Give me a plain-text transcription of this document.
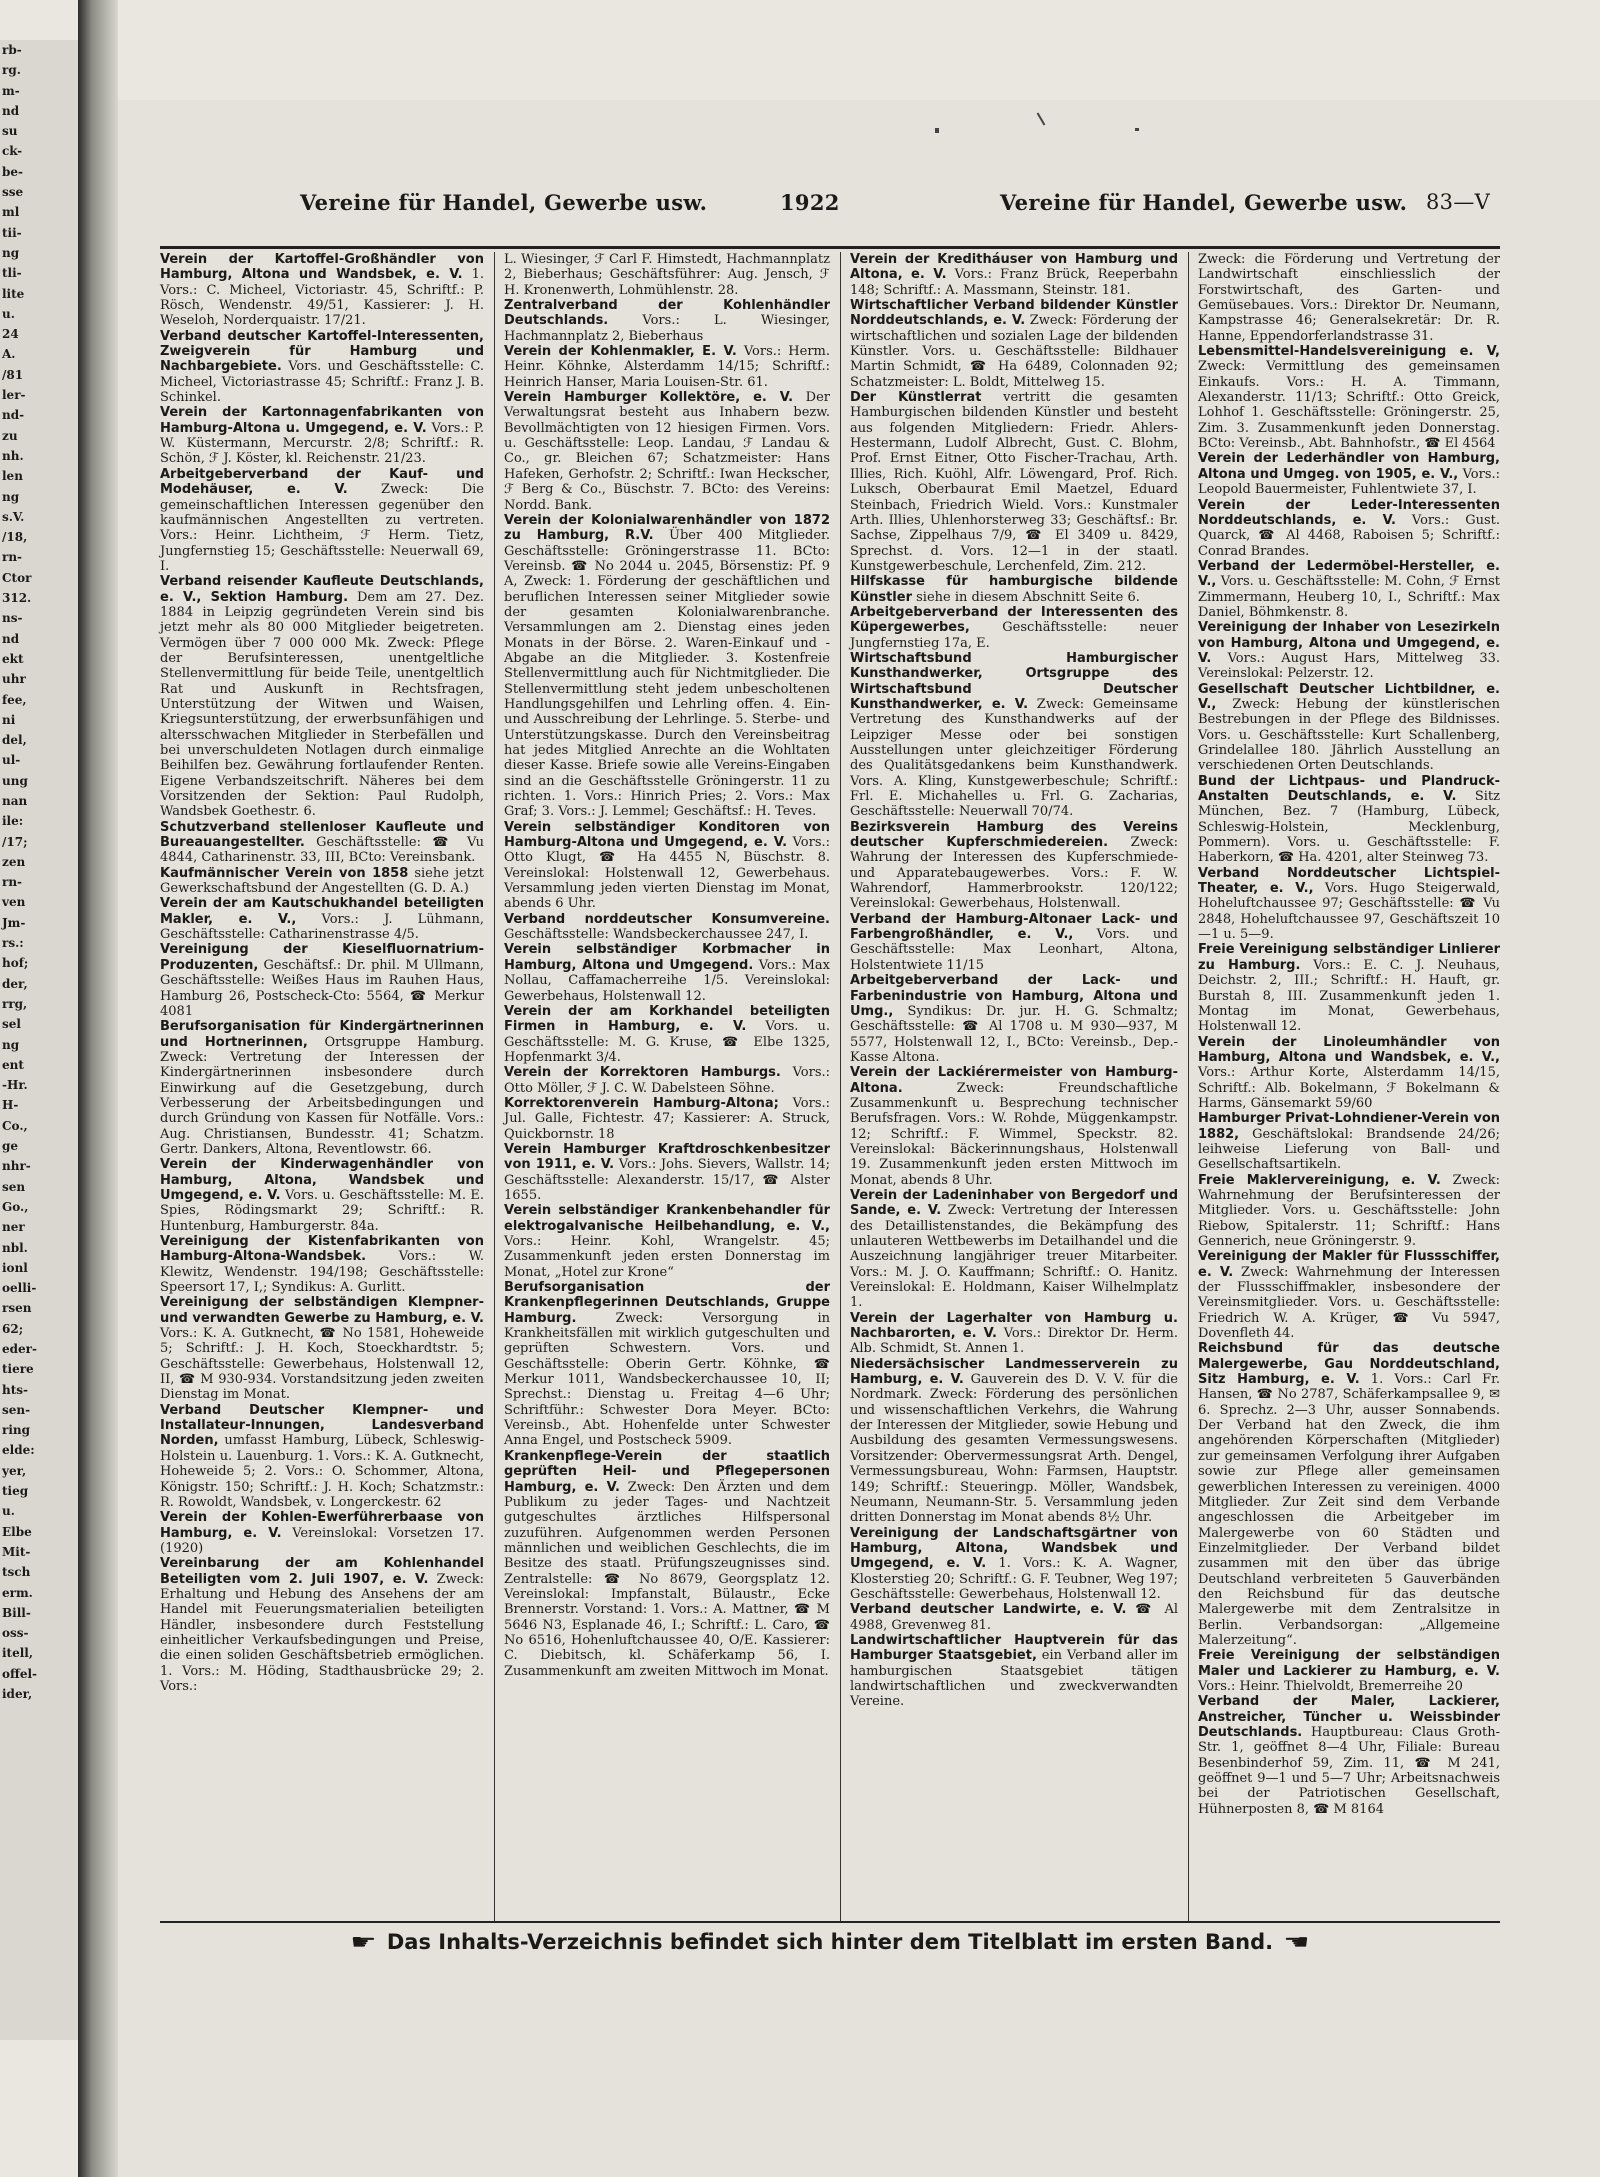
rb-
rg.
m-
nd
su
ck-
be-
sse
ml
tii-
ng
tli-
lite
u.
24
A.
/81
ler-
nd-
zu
nh.
len
ng
s.V.
/18,
rn-
Ctor
312.
ns-
nd
ekt
uhr
fee,
ni
del,
ul-
ung
nan
ile:
/17;
zen
rn-
ven
Jm-
rs.:
hof;
der,
rrg,
sel
ng
ent
-Hr.
H-
Co.,
ge
nhr-
sen
Go.,
ner
nbl.
ionl
oelli-
rsen
62;
eder-
tiere
hts-
sen-
ring
elde:
yer,
tieg
u.
Elbe
Mit-
tsch
erm.
Bill-
oss-
itell,
offel-
ider,
Vereine für Handel, Gewerbe usw.	1922	Vereine für Handel, Gewerbe usw. 83—V

Verein der Kartoffel-Großhändler von Hamburg, Altona und Wandsbek, e. V. 1. Vors.: C. Micheel, Victoriastr. 45, Schriftf.: P. Rösch, Wendenstr. 49/51, Kassierer: J. H. Weseloh, Norderquaistr. 17/21.

Verband deutscher Kartoffel-Interessenten, Zweigverein für Hamburg und Nachbargebiete. Vors. und Geschäftsstelle: C. Micheel, Victoriastrasse 45; Schriftf.: Franz J. B. Schinkel.

Verein der Kartonnagenfabrikanten von Hamburg-Altona u. Umgegend, e. V. Vors.: P. W. Küstermann, Mercurstr. 2/8; Schriftf.: R. Schön, ℱ J. Köster, kl. Reichenstr. 21/23.

Arbeitgeberverband der Kauf- und Modehäuser, e. V.	Zweck: Die gemeinschaftlichen Interessen gegenüber den kaufmännischen Angestellten zu vertreten. Vors.: Heinr. Lichtheim, ℱ Herm. Tietz, Jungfernstieg 15; Geschäftsstelle: Neuerwall 69, I.

Verband reisender Kaufleute Deutschlands, e. V., Sektion Hamburg. Dem am 27. Dez. 1884 in Leipzig gegründeten Verein sind bis jetzt mehr als 80 000 Mitglieder beigetreten. Vermögen über 7 000 000 Mk. Zweck: Pflege der Berufsinteressen, unentgeltliche Stellenvermittlung für beide Teile, unentgeltlich Rat und Auskunft in Rechtsfragen, Unterstützung der Witwen und Waisen, Kriegsunterstützung, der erwerbsunfähigen und altersschwachen Mitglieder in Sterbefällen und bei unverschuldeten Notlagen durch einmalige Beihilfen bez. Gewährung fortlaufender Renten. Eigene Verbandszeitschrift. Näheres bei dem Vorsitzenden der Sektion: Paul Rudolph, Wandsbek Goethestr. 6.

Schutzverband stellenloser Kaufleute und Bureauangestellter. Geschäftsstelle: ☎ Vu 4844, Catharinenstr. 33, III, BCto: Vereinsbank.

Kaufmännischer Verein von 1858 siehe jetzt Gewerkschaftsbund der Angestellten (G. D. A.)

Verein der am Kautschukhandel beteiligten Makler, e. V., Vors.: J. Lühmann, Geschäftsstelle: Catharinenstrasse 4/5.

Vereinigung der Kieselfluornatrium-Produzenten, Geschäftsf.: Dr. phil. M Ullmann, Geschäftsstelle: Weißes Haus im Rauhen Haus, Hamburg 26, Postscheck-Cto: 5564, ☎ Merkur 4081

Berufsorganisation für Kindergärtnerinnen und Hortnerinnen, Ortsgruppe Hamburg. Zweck: Vertretung der Interessen der Kindergärtnerinnen insbesondere durch Einwirkung auf die Gesetzgebung, durch Verbesserung der Arbeitsbedingungen und durch Gründung von Kassen für Notfälle. Vors.: Aug. Christiansen, Bundesstr. 41; Schatzm. Gertr. Dankers, Altona, Reventlowstr. 66.

Verein der Kinderwagenhändler von Hamburg, Altona, Wandsbek und Umgegend, e. V. Vors. u. Geschäftsstelle: M. E. Spies, Rödingsmarkt 29; Schriftf.: R. Huntenburg, Hamburgerstr. 84a.

Vereinigung der Kistenfabrikanten von Hamburg-Altona-Wandsbek.	Vors.: W. Klewitz, Wendenstr. 194/198; Geschäftsstelle: Speersort 17, I,; Syndikus: A. Gurlitt.

Vereinigung der selbständigen Klempner- und verwandten Gewerbe zu Hamburg, e. V. Vors.: K. A. Gutknecht, ☎ No 1581, Hoheweide 5; Schriftf.: J. H. Koch, Stoeckhardtstr. 5; Geschäftsstelle: Gewerbehaus, Holstenwall 12, II, ☎ M 930-934. Vorstandsitzung jeden zweiten Dienstag im Monat.

Verband Deutscher Klempner- und Installateur-Innungen, Landesverband Norden, umfasst Hamburg, Lübeck, Schleswig-Holstein u. Lauenburg. 1. Vors.: K. A. Gutknecht, Hoheweide 5; 2. Vors.: O. Schommer, Altona, Königstr. 150; Schriftf.: J. H. Koch; Schatzmstr.: R. Rowoldt, Wandsbek, v. Longerckestr. 62

Verein der Kohlen-Ewerführerbaase von Hamburg, e. V. Vereinslokal: Vorsetzen 17. (1920)

Vereinbarung der am Kohlenhandel Beteiligten vom 2. Juli 1907, e. V. Zweck: Erhaltung und Hebung des Ansehens der am Handel mit Feuerungsmaterialien beteiligten Händler, insbesondere durch Feststellung einheitlicher Verkaufsbedingungen und Preise, die einen soliden Geschäftsbetrieb ermöglichen. 1. Vors.: M. Höding, Stadthausbrücke 29; 2. Vors.:

L. Wiesinger, ℱ Carl F. Himstedt, Hachmannplatz 2, Bieberhaus; Geschäftsführer: Aug. Jensch, ℱ H. Kronenwerth, Lohmühlenstr. 28.

Zentralverband der Kohlenhändler Deutschlands.	Vors.: L. Wiesinger, Hachmannplatz 2, Bieberhaus

Verein der Kohlenmakler, E. V. Vors.: Herm. Heinr. Köhnke, Alsterdamm 14/15; Schriftf.: Heinrich Hanser, Maria Louisen-Str. 61.

Verein Hamburger Kollektöre, e. V. Der Verwaltungsrat besteht aus Inhabern bezw. Bevollmächtigten von 12 hiesigen Firmen. Vors. u. Geschäftsstelle: Leop. Landau, ℱ Landau & Co., gr. Bleichen 67; Schatzmeister: Hans Hafeken, Gerhofstr. 2; Schriftf.: Iwan Heckscher, ℱ Berg & Co., Büschstr. 7. BCto: des Vereins: Nordd. Bank.

Verein der Kolonialwarenhändler von 1872 zu Hamburg, R.V. Über 400 Mitglieder. Geschäftsstelle: Gröningerstrasse 11. BCto: Vereinsb. ☎ No 2044 u. 2045, Börsenstiz: Pf. 9 A, Zweck: 1. Förderung der geschäftlichen und beruflichen Interessen seiner Mitglieder sowie der gesamten Kolonialwarenbranche. Versammlungen am 2. Dienstag eines jeden Monats in der Börse. 2. Waren-Einkauf und -Abgabe an die Mitglieder. 3. Kostenfreie Stellenvermittlung auch für Nichtmitglieder. Die Stellenvermittlung steht jedem unbescholtenen Handlungsgehilfen und Lehrling offen. 4. Ein- und Ausschreibung der Lehrlinge. 5. Sterbe- und Unterstützungskasse. Durch den Vereinsbeitrag hat jedes Mitglied Anrechte an die Wohltaten dieser Kasse. Briefe sowie alle Vereins-Eingaben sind an die Geschäftsstelle Gröningerstr. 11 zu richten. 1. Vors.: Hinrich Pries; 2. Vors.: Max Graf; 3. Vors.: J. Lemmel; Geschäftsf.: H. Teves.

Verein selbständiger Konditoren von Hamburg-Altona und Umgegend, e. V. Vors.: Otto Klugt, ☎ Ha 4455 N, Büschstr. 8. Vereinslokal: Holstenwall 12, Gewerbehaus. Versammlung jeden vierten Dienstag im Monat, abends 6 Uhr.

Verband norddeutscher Konsumvereine. Geschäftsstelle: Wandsbeckerchaussee 247, I.

Verein selbständiger Korbmacher in Hamburg, Altona und Umgegend. Vors.: Max Nollau, Caffamacherreihe 1/5. Vereinslokal: Gewerbehaus, Holstenwall 12.

Verein der am Korkhandel beteiligten Firmen in Hamburg, e. V. Vors. u. Geschäftsstelle: M. G. Kruse, ☎ Elbe 1325, Hopfenmarkt 3/4.

Verein der Korrektoren Hamburgs. Vors.: Otto Möller, ℱ J. C. W. Dabelsteen Söhne.

Korrektorenverein Hamburg-Altona; Vors.: Jul. Galle, Fichtestr. 47; Kassierer: A. Struck, Quickbornstr. 18

Verein Hamburger Kraftdroschkenbesitzer von 1911, e. V. Vors.: Johs. Sievers, Wallstr. 14; Geschäftsstelle: Alexanderstr. 15/17, ☎ Alster 1655.

Verein selbständiger Krankenbehandler für elektrogalvanische Heilbehandlung, e. V., Vors.: Heinr. Kohl, Wrangelstr. 45; Zusammenkunft jeden ersten Donnerstag im Monat, „Hotel zur Krone“

Berufsorganisation der Krankenpflegerinnen Deutschlands, Gruppe Hamburg.	Zweck: Versorgung in Krankheitsfällen mit wirklich gutgeschulten und geprüften Schwestern. Vors. und Geschäftsstelle: Oberin Gertr. Köhnke, ☎ Merkur 1011, Wandsbeckerchaussee 10, II; Sprechst.: Dienstag u. Freitag 4—6 Uhr; Schriftführ.: Schwester Dora Meyer. BCto: Vereinsb., Abt. Hohenfelde unter Schwester Anna Engel, und Postscheck 5909.

Krankenpflege-Verein der staatlich geprüften Heil- und Pflegepersonen Hamburg, e. V. Zweck: Den Ärzten und dem Publikum zu jeder Tages- und Nachtzeit gutgeschultes ärztliches Hilfspersonal zuzuführen. Aufgenommen werden Personen männlichen und weiblichen Geschlechts, die im Besitze des staatl. Prüfungszeugnisses sind. Zentralstelle: ☎ No 8679, Georgsplatz 12. Vereinslokal: Impfanstalt, Bülaustr., Ecke Brennerstr. Vorstand: 1. Vors.: A. Mattner, ☎ M 5646 N3, Esplanade 46, I.; Schriftf.: L. Caro, ☎ No 6516, Hohenluftchaussee 40, O/E. Kassierer: C. Diebitsch, kl. Schäferkamp 56, I. Zusammenkunft am zweiten Mittwoch im Monat.

Verein der Kreditháuser von Hamburg und Altona, e. V. Vors.: Franz Brück, Reeperbahn 148; Schriftf.: A. Massmann, Steinstr. 181.

Wirtschaftlicher Verband bildender Künstler Norddeutschlands, e. V. Zweck: Förderung der wirtschaftlichen und sozialen Lage der bildenden Künstler. Vors. u. Geschäftsstelle: Bildhauer Martin Schmidt, ☎ Ha 6489, Colonnaden 92; Schatzmeister: L. Boldt, Mittelweg 15.

Der Künstlerrat vertritt die gesamten Hamburgischen bildenden Künstler und besteht aus folgenden Mitgliedern: Friedr. Ahlers-Hestermann, Ludolf Albrecht, Gust. C. Blohm, Prof. Ernst Eitner, Otto Fischer-Trachau, Arth. Illies, Rich. Kuöhl, Alfr. Löwengard, Prof. Rich. Luksch, Oberbaurat Emil Maetzel, Eduard Steinbach, Friedrich Wield. Vors.: Kunstmaler Arth. Illies, Uhlenhorsterweg 33; Geschäftsf.: Br. Sachse, Zippelhaus 7/9, ☎ El 3409 u. 8429, Sprechst. d. Vors. 12—1 in der staatl. Kunstgewerbeschule, Lerchenfeld, Zim. 212.

Hilfskasse für hamburgische bildende Künstler siehe in diesem Abschnitt Seite 6.

Arbeitgeberverband der Interessenten des Küpergewerbes,	Geschäftsstelle: neuer Jungfernstieg 17a, E.

Wirtschaftsbund Hamburgischer Kunsthandwerker, Ortsgruppe des Wirtschaftsbund Deutscher Kunsthandwerker, e. V. Zweck: Gemeinsame Vertretung des Kunsthandwerks auf der Leipziger Messe oder bei sonstigen Ausstellungen unter gleichzeitiger Förderung des Qualitätsgedankens beim Kunsthandwerk. Vors. A. Kling, Kunstgewerbeschule; Schriftf.: Frl. E. Michahelles u. Frl. G. Zacharias, Geschäftsstelle: Neuerwall 70/74.

Bezirksverein Hamburg des Vereins deutscher Kupferschmiedereien. Zweck: Wahrung der Interessen des Kupferschmiede- und Apparatebaugewerbes. Vors.: F. W. Wahrendorf, Hammerbrookstr. 120/122; Vereinslokal: Gewerbehaus, Holstenwall.

Verband der Hamburg-Altonaer Lack- und Farbengroßhändler, e. V., Vors. und Geschäftsstelle: Max Leonhart, Altona, Holstentwiete 11/15

Arbeitgeberverband der Lack- und Farbenindustrie von Hamburg, Altona und Umg., Syndikus: Dr. jur. H. G. Schmaltz; Geschäftsstelle: ☎ Al 1708 u. M 930—937, M 5577, Holstenwall 12, I., BCto: Vereinsb., Dep.-Kasse Altona.

Verein der Lackiérermeister von Hamburg-Altona.	Zweck: Freundschaftliche Zusammenkunft u. Besprechung technischer Berufsfragen. Vors.: W. Rohde, Müggenkampstr. 12; Schriftf.: F. Wimmel, Speckstr. 82. Vereinslokal: Bäckerinnungshaus, Holstenwall 19. Zusammenkunft jeden ersten Mittwoch im Monat, abends 8 Uhr.

Verein der Ladeninhaber von Bergedorf und Sande, e. V. Zweck: Vertretung der Interessen des Detaillistenstandes, die Bekämpfung des unlauteren Wettbewerbs im Detailhandel und die Auszeichnung langjähriger treuer Mitarbeiter. Vors.: M. J. O. Kauffmann; Schriftf.: O. Hanitz. Vereinslokal: E. Holdmann, Kaiser Wilhelmplatz 1.

Verein der Lagerhalter von Hamburg u. Nachbarorten, e. V. Vors.: Direktor Dr. Herm. Alb. Schmidt, St. Annen 1.

Niedersächsischer Landmesserverein zu Hamburg, e. V. Gauverein des D. V. V. für die Nordmark. Zweck: Förderung des persönlichen und wissenschaftlichen Verkehrs, die Wahrung der Interessen der Mitglieder, sowie Hebung und Ausbildung des gesamten Vermessungswesens. Vorsitzender: Obervermessungsrat Arth. Dengel, Vermessungsbureau, Wohn: Farmsen, Hauptstr. 149; Schriftf.: Steueringp. Möller, Wandsbek, Neumann, Neumann-Str. 5. Versammlung jeden dritten Donnerstag im Monat abends 8½ Uhr.

Vereinigung der Landschaftsgärtner von Hamburg, Altona, Wandsbek und Umgegend, e. V. 1. Vors.: K. A. Wagner, Klosterstieg 20; Schriftf.: G. F. Teubner, Weg 197; Geschäftsstelle: Gewerbehaus, Holstenwall 12.

Verband deutscher Landwirte, e. V. ☎ Al 4988, Grevenweg 81.

Landwirtschaftlicher Hauptverein für das Hamburger Staatsgebiet, ein Verband aller im hamburgischen Staatsgebiet tätigen landwirtschaftlichen und zweckverwandten Vereine.

Zweck: die Förderung und Vertretung der Landwirtschaft einschliesslich der Forstwirtschaft, des Garten- und Gemüsebaues. Vors.: Direktor Dr. Neumann, Kampstrasse 46; Generalsekretär: Dr. R. Hanne, Eppendorferlandstrasse 31.

Lebensmittel-Handelsvereinigung e. V, Zweck: Vermittlung des gemeinsamen Einkaufs. Vors.: H. A. Timmann, Alexanderstr. 11/13; Schriftf.: Otto Greick, Lohhof 1. Geschäftsstelle: Gröningerstr. 25, Zim. 3. Zusammenkunft jeden Donnerstag. BCto: Vereinsb., Abt. Bahnhofstr., ☎ El 4564

Verein der Lederhändler von Hamburg, Altona und Umgeg. von 1905, e. V., Vors.: Leopold Bauermeister, Fuhlentwiete 37, I.

Verein der Leder-Interessenten Norddeutschlands, e. V. Vors.: Gust. Quarck, ☎ Al 4468, Raboisen 5; Schriftf.: Conrad Brandes.

Verband der Ledermöbel-Hersteller, e. V., Vors. u. Geschäftsstelle: M. Cohn, ℱ Ernst Zimmermann, Heuberg 10, I., Schriftf.: Max Daniel, Böhmkenstr. 8.

Vereinigung der Inhaber von Lesezirkeln von Hamburg, Altona und Umgegend, e. V. Vors.: August Hars, Mittelweg 33. Vereinslokal: Pelzerstr. 12.

Gesellschaft Deutscher Lichtbildner, e. V., Zweck: Hebung der künstlerischen Bestrebungen in der Pflege des Bildnisses. Vors. u. Geschäftsstelle: Kurt Schallenberg, Grindelallee 180. Jährlich Ausstellung an verschiedenen Orten Deutschlands.

Bund der Lichtpaus- und Plandruck-Anstalten Deutschlands, e. V. Sitz München, Bez. 7 (Hamburg, Lübeck, Schleswig-Holstein, Mecklenburg, Pommern). Vors. u. Geschäftsstelle: F. Haberkorn, ☎ Ha. 4201, alter Steinweg 73.

Verband Norddeutscher Lichtspiel-Theater, e. V., Vors. Hugo Steigerwald, Hoheluftchaussee 97; Geschäftsstelle: ☎ Vu 2848, Hoheluftchaussee 97, Geschäftszeit 10—1 u. 5—9.

Freie Vereinigung selbständiger Linlierer zu Hamburg. Vors.: E. C. J. Neuhaus, Deichstr. 2, III.; Schriftf.: H. Hauft, gr. Burstah 8, III. Zusammenkunft jeden 1. Montag im Monat, Gewerbehaus, Holstenwall 12.

Verein der Linoleumhändler von Hamburg, Altona und Wandsbek, e. V., Vors.: Arthur Korte, Alsterdamm 14/15, Schriftf.: Alb. Bokelmann, ℱ Bokelmann & Harms, Gänsemarkt 59/60

Hamburger Privat-Lohndiener-Verein von 1882, Geschäftslokal: Brandsende 24/26; leihweise Lieferung von Ball- und Gesellschaftsartikeln.

Freie Maklervereinigung, e. V. Zweck: Wahrnehmung der Berufsinteressen der Mitglieder. Vors. u. Geschäftsstelle: John Riebow, Spitalerstr. 11; Schriftf.: Hans Gennerich, neue Gröningerstr. 9.

Vereinigung der Makler für Flussschiffer, e. V. Zweck: Wahrnehmung der Interessen der Flussschiffmakler, insbesondere der Vereinsmitglieder. Vors. u. Geschäftsstelle: Friedrich W. A. Krüger, ☎ Vu 5947, Dovenfleth 44.

Reichsbund für das deutsche Malergewerbe, Gau Norddeutschland, Sitz Hamburg, e. V. 1. Vors.: Carl Fr. Hansen, ☎ No 2787, Schäferkampsallee 9, ✉ 6. Sprechz. 2—3 Uhr, ausser Sonnabends. Der Verband hat den Zweck, die ihm angehörenden Körperschaften (Mitglieder) zur gemeinsamen Verfolgung ihrer Aufgaben sowie zur Pflege aller gemeinsamen gewerblichen Interessen zu vereinigen. 4000 Mitglieder. Zur Zeit sind dem Verbande angeschlossen die Arbeitgeber im Malergewerbe von 60 Städten und Einzelmitglieder. Der Verband bildet zusammen mit den über das übrige Deutschland verbreiteten 5 Gauverbänden den Reichsbund für das deutsche Malergewerbe mit dem Zentralsitze in Berlin. Verbandsorgan: „Allgemeine Malerzeitung“.

Freie Vereinigung der selbständigen Maler und Lackierer zu Hamburg, e. V. Vors.: Heinr. Thielvoldt, Bremerreihe 20

Verband der Maler, Lackierer, Anstreicher, Tüncher u. Weissbinder Deutschlands. Hauptbureau: Claus Groth-Str. 1, geöffnet 8—4 Uhr, Filiale: Bureau Besenbinderhof 59, Zim. 11, ☎ M 241, geöffnet 9—1 und 5—7 Uhr; Arbeitsnachweis bei der Patriotischen Gesellschaft, Hühnerposten 8, ☎ M 8164

☛ Das Inhalts-Verzeichnis befindet sich hinter dem Titelblatt im ersten Band. ☚
